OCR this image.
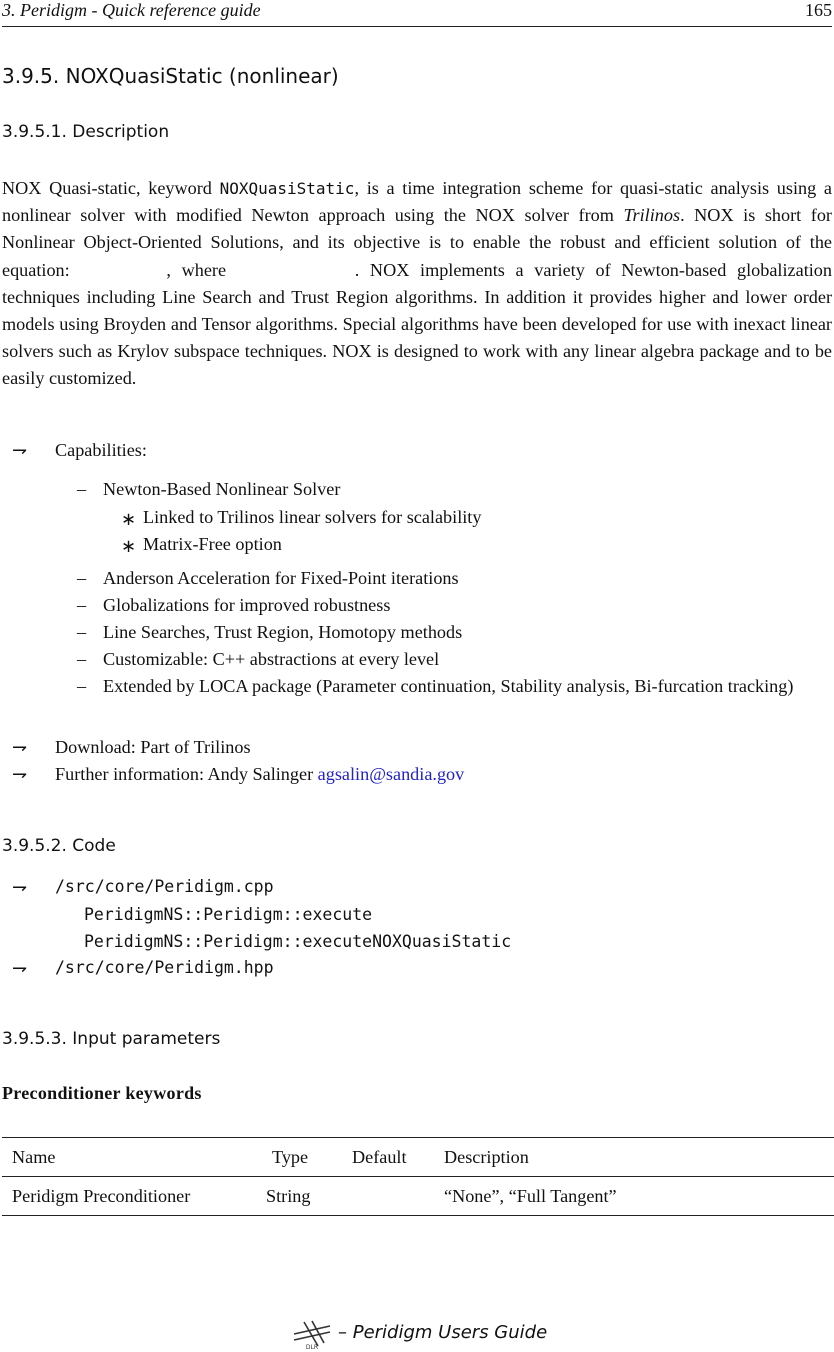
3. Peridigm - Quick reference guide	165
3.9.5. NOXQuasiStatic (nonlinear)
3.9.5.1. Description
NOX Quasi-static, keyword NOXQuasiStatic, is a time integration scheme for quasi-static analysis using a nonlinear solver with modified Newton approach using the NOX solver from Trilinos. NOX is short for Nonlinear Object-Oriented Solutions, and its objective is to enable the robust and efficient solution of the equation:	, where	. NOX implements a variety of Newton-based globalization techniques including Line Search and Trust Region algorithms. In addition it provides higher and lower order models using Broyden and Tensor algorithms. Special algorithms have been developed for use with inexact linear solvers such as Krylov subspace techniques. NOX is designed to work with any linear algebra package and to be easily customized.
⇁ Capabilities:
– Newton-Based Nonlinear Solver
∗ Linked to Trilinos linear solvers for scalability
∗ Matrix-Free option
– Anderson Acceleration for Fixed-Point iterations
– Globalizations for improved robustness
– Line Searches, Trust Region, Homotopy methods
– Customizable: C++ abstractions at every level
– Extended by LOCA package (Parameter continuation, Stability analysis, Bi-furcation tracking)
⇁ Download: Part of Trilinos
⇁ Further information: Andy Salinger agsalin@sandia.gov
3.9.5.2. Code
⇁ /src/core/Peridigm.cpp
PeridigmNS::Peridigm::execute
PeridigmNS::Peridigm::executeNOXQuasiStatic
⇁ /src/core/Peridigm.hpp
3.9.5.3. Input parameters
Preconditioner keywords
Name	Type	Default	Description
Peridigm Preconditioner	String		“None”, “Full Tangent”
DLR
– Peridigm Users Guide
